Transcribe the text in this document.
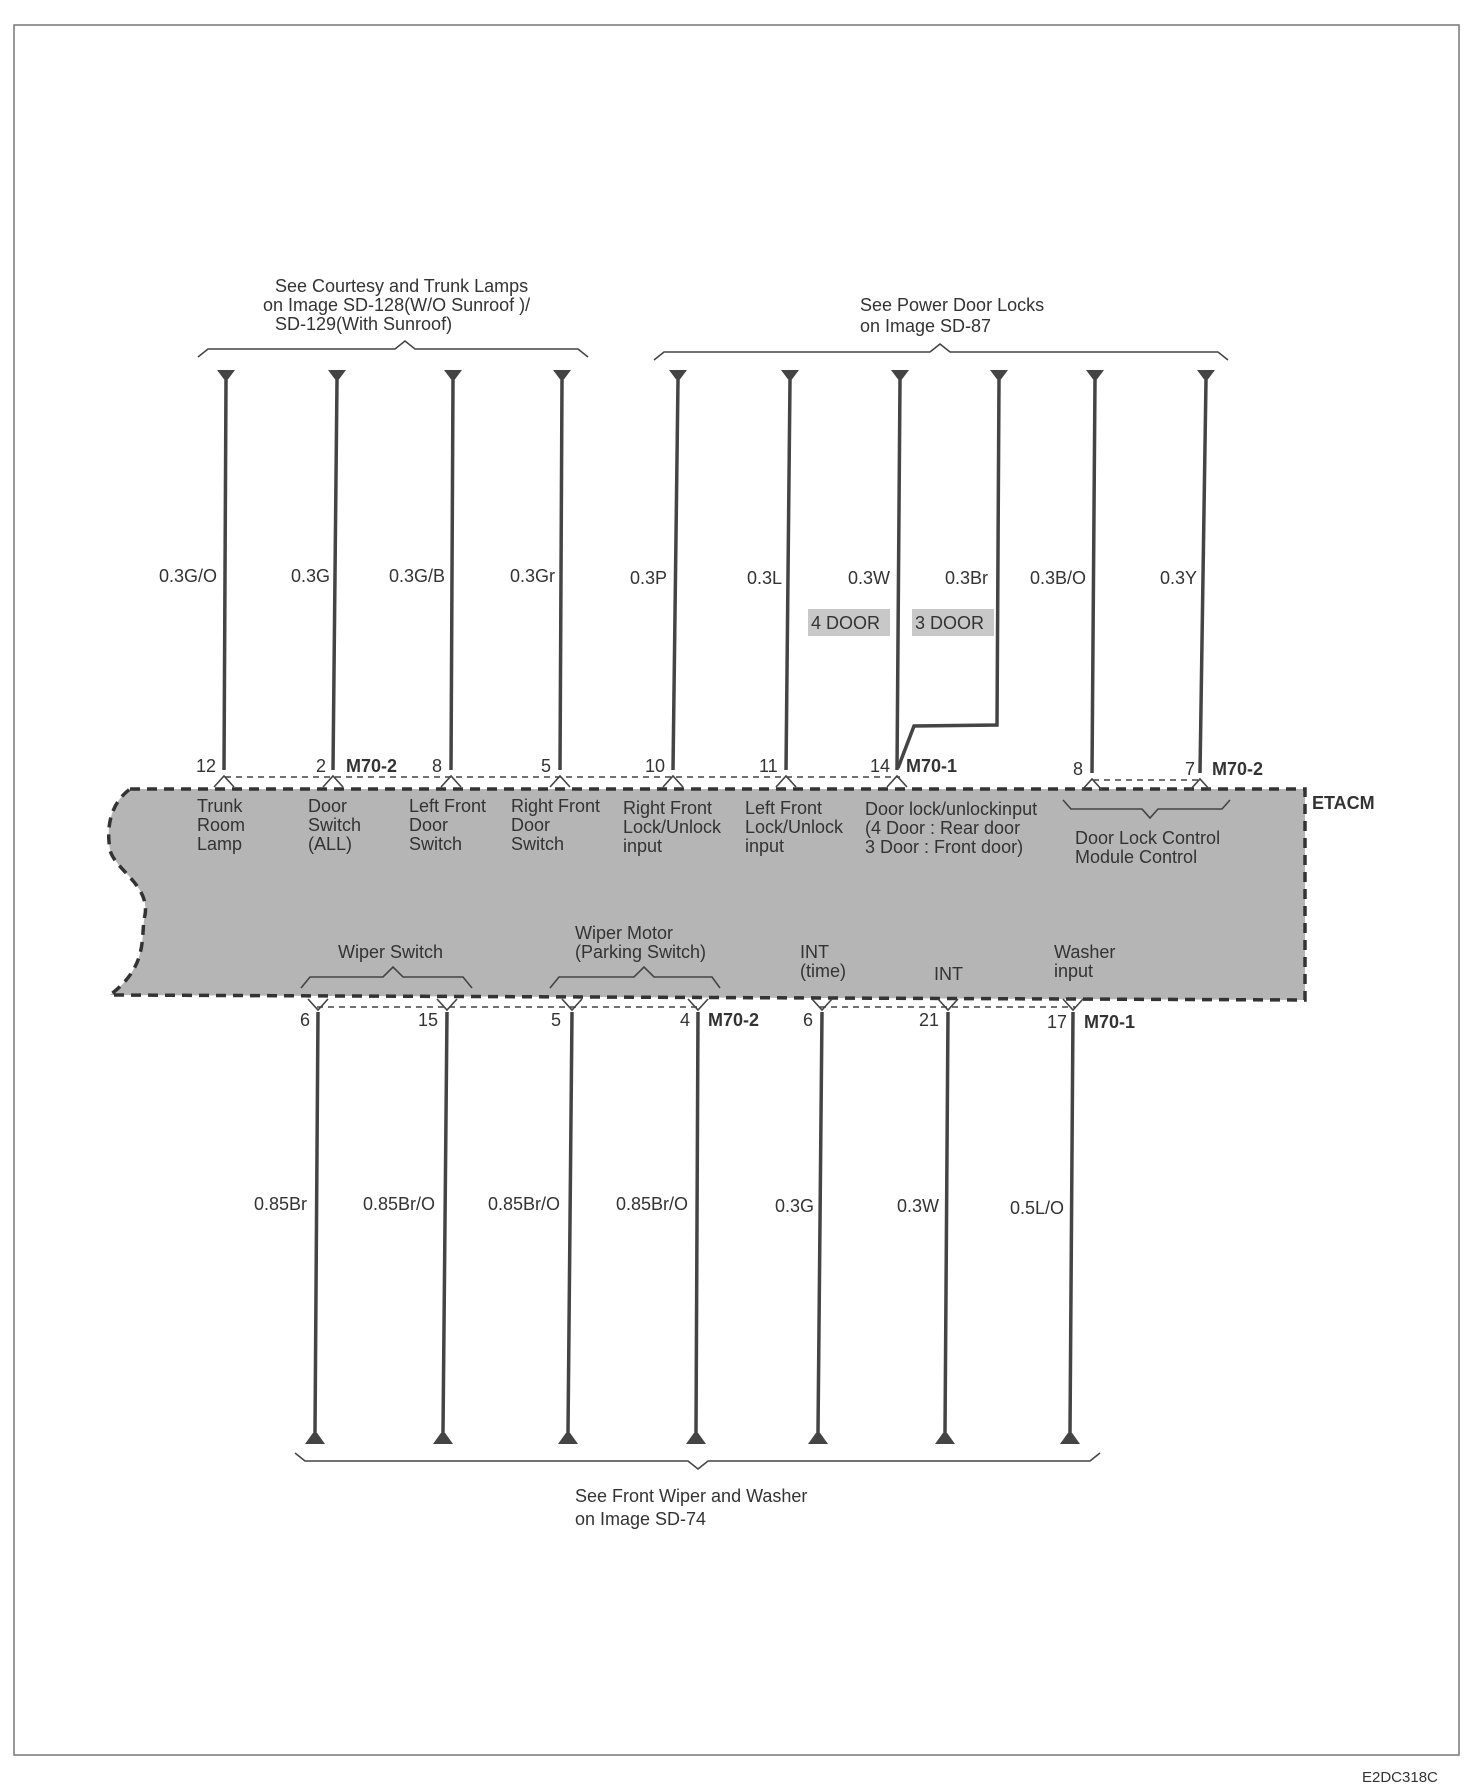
ETACM
See Courtesy and Trunk Lamps
on Image SD-128(W/O Sunroof )/
SD-129(With Sunroof)
See Power Door Locks
on Image SD-87
Door Lock Control
Module Control
4 DOOR 3 DOOR
0.3G/O
12
Trunk
Room
Lamp
0.3G
2 M70-2
Door
Switch
(ALL)
0.3G/B
8
Left Front
Door
Switch
0.3Gr
5
Right Front
Door
Switch
0.3P
10
Right Front
Lock/Unlock
input
0.3L
11
Left Front
Lock/Unlock
input
0.3W
14 M70-1
Door lock/unlockinput
(4 Door : Rear door
3 Door : Front door)
0.3Br 0.3B/O
8
0.3Y
7 M70-2
Wiper Switch
Wiper Motor
(Parking Switch)	INT
(time)	INT
Washer
input
6
0.85Br
15
0.85Br/O
5
0.85Br/O
4 M70-2
0.85Br/O
6
0.3G
21
0.3W
17 M70-1
0.5L/O
See Front Wiper and Washer
on Image SD-74
E2DC318C
